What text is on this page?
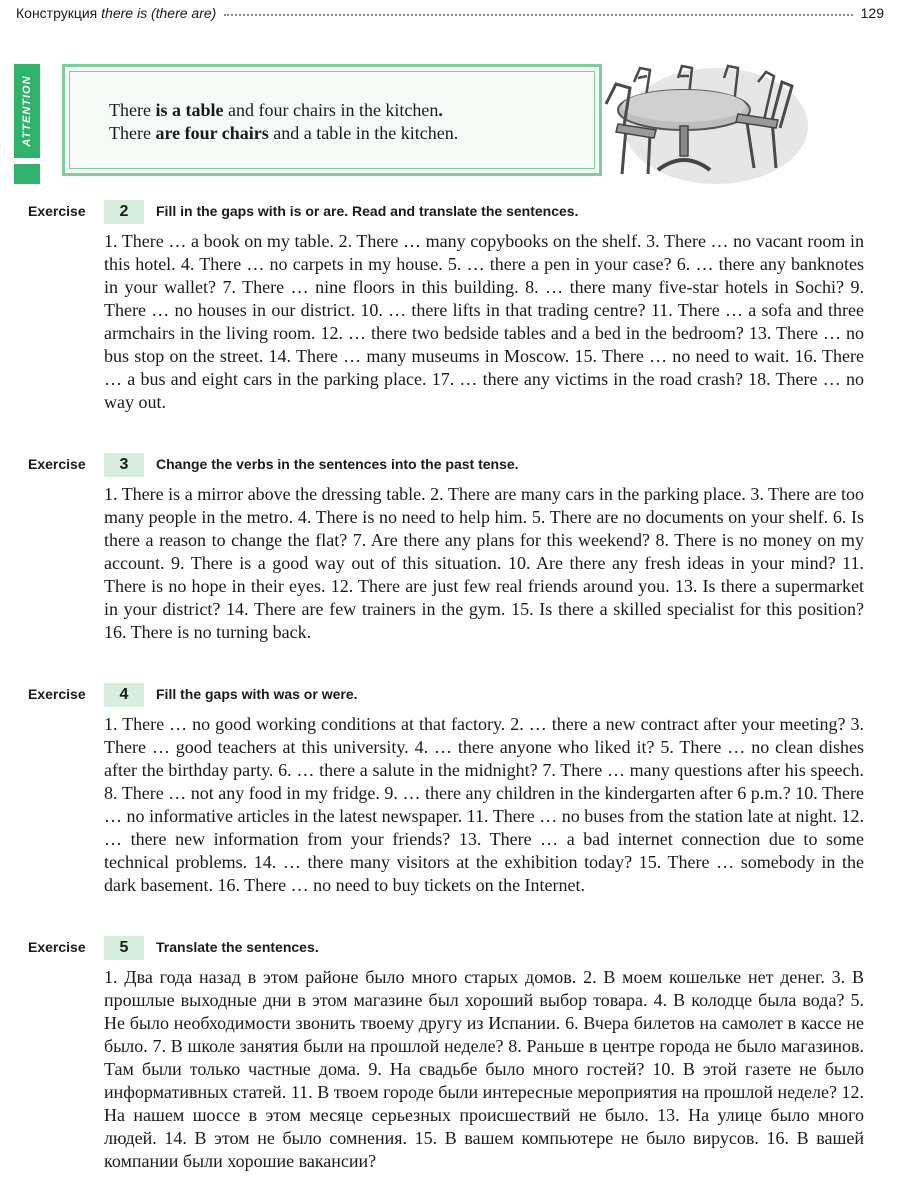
Конструкция there is (there are)	129
ATTENTION	There is a table and four chairs in the kitchen.
There are four chairs and a table in the kitchen.
Exercise	2	Fill in the gaps with is or are. Read and translate the sentences.

1. There … a book on my table. 2. There … many copybooks on the shelf. 3. There … no vacant room in this hotel. 4. There … no carpets in my house. 5. … there a pen in your case? 6. … there any banknotes in your wallet? 7. There … nine floors in this building. 8. … there many five-star hotels in Sochi? 9. There … no houses in our district. 10. … there lifts in that trading centre? 11. There … a sofa and three armchairs in the living room. 12. … there two bedside tables and a bed in the bedroom? 13. There … no bus stop on the street. 14. There … many museums in Moscow. 15. There … no need to wait. 16. There … a bus and eight cars in the parking place. 17. … there any victims in the road crash? 18. There … no way out.

Exercise	3	Change the verbs in the sentences into the past tense.

1. There is a mirror above the dressing table. 2. There are many cars in the parking place. 3. There are too many people in the metro. 4. There is no need to help him. 5. There are no documents on your shelf. 6. Is there a reason to change the flat? 7. Are there any plans for this weekend? 8. There is no money on my account. 9. There is a good way out of this situation. 10. Are there any fresh ideas in your mind? 11. There is no hope in their eyes. 12. There are just few real friends around you. 13. Is there a supermarket in your district? 14. There are few trainers in the gym. 15. Is there a skilled specialist for this position? 16. There is no turning back.

Exercise	4	Fill the gaps with was or were.

1. There … no good working conditions at that factory. 2. … there a new contract after your meeting? 3. There … good teachers at this university. 4. … there anyone who liked it? 5. There … no clean dishes after the birthday party. 6. … there a salute in the midnight? 7. There … many questions after his speech. 8. There … not any food in my fridge. 9. … there any children in the kindergarten after 6 p.m.? 10. There … no informative articles in the latest newspaper. 11. There … no buses from the station late at night. 12. … there new information from your friends? 13. There … a bad internet connection due to some technical problems. 14. … there many visitors at the exhibition today? 15. There … somebody in the dark basement. 16. There … no need to buy tickets on the Internet.

Exercise	5	Translate the sentences.

1. Два года назад в этом районе было много старых домов. 2. В моем кошельке нет денег. 3. В прошлые выходные дни в этом магазине был хороший выбор товара. 4. В колодце была вода? 5. Не было необходимости звонить твоему другу из Испании. 6. Вчера билетов на самолет в кассе не было. 7. В школе занятия были на прошлой неделе? 8. Раньше в центре города не было магазинов. Там были только частные дома. 9. На свадьбе было много гостей? 10. В этой газете не было информативных статей. 11. В твоем городе были интересные мероприятия на прошлой неделе? 12. На нашем шоссе в этом месяце серьезных происшествий не было. 13. На улице было много людей. 14. В этом не было сомнения. 15. В вашем компьютере не было вирусов. 16. В вашей компании были хорошие вакансии?
